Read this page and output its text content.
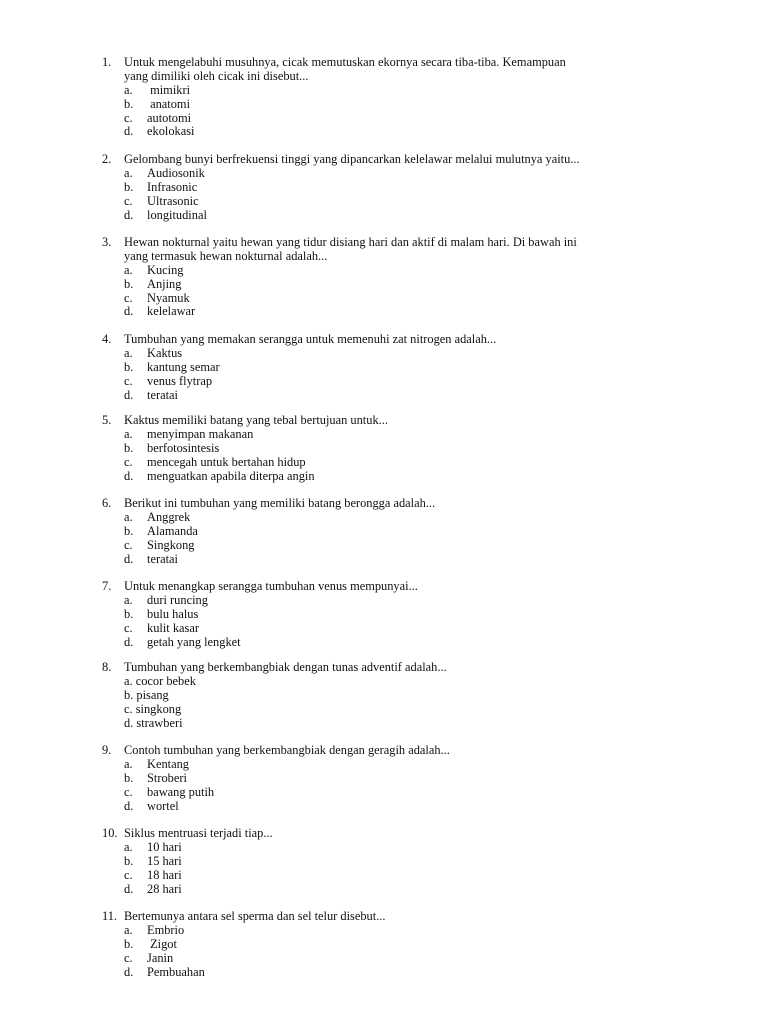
1. Untuk mengelabuhi musuhnya, cicak memutuskan ekornya secara tiba-tiba. Kemampuan
yang dimiliki oleh cicak ini disebut...
a. mimikri
b. anatomi
c. autotomi
d. ekolokasi
2. Gelombang bunyi berfrekuensi tinggi yang dipancarkan kelelawar melalui mulutnya yaitu...
a. Audiosonik
b. Infrasonic
c. Ultrasonic
d. longitudinal
3. Hewan nokturnal yaitu hewan yang tidur disiang hari dan aktif di malam hari. Di bawah ini
yang termasuk hewan nokturnal adalah...
a. Kucing
b. Anjing
c. Nyamuk
d. kelelawar
4. Tumbuhan yang memakan serangga untuk memenuhi zat nitrogen adalah...
a. Kaktus
b. kantung semar
c. venus flytrap
d. teratai
5. Kaktus memiliki batang yang tebal bertujuan untuk...
a. menyimpan makanan
b. berfotosintesis
c. mencegah untuk bertahan hidup
d. menguatkan apabila diterpa angin
6. Berikut ini tumbuhan yang memiliki batang berongga adalah...
a. Anggrek
b. Alamanda
c. Singkong
d. teratai
7. Untuk menangkap serangga tumbuhan venus mempunyai...
a. duri runcing
b. bulu halus
c. kulit kasar
d. getah yang lengket
8. Tumbuhan yang berkembangbiak dengan tunas adventif adalah...
a. cocor bebek
b. pisang
c. singkong
d. strawberi
9. Contoh tumbuhan yang berkembangbiak dengan geragih adalah...
a. Kentang
b. Stroberi
c. bawang putih
d. wortel
10. Siklus mentruasi terjadi tiap...
a. 10 hari
b. 15 hari
c. 18 hari
d. 28 hari
11. Bertemunya antara sel sperma dan sel telur disebut...
a. Embrio
b. Zigot
c. Janin
d. Pembuahan
